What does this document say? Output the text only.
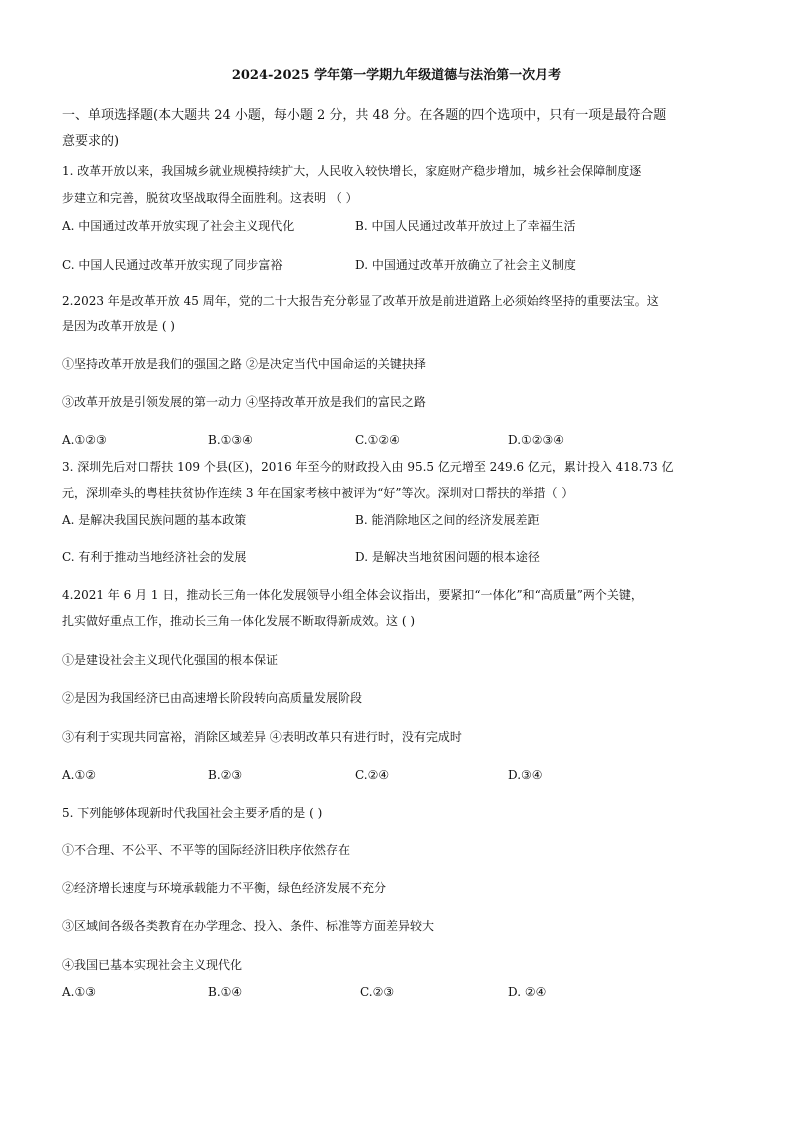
2024-2025 学年第一学期九年级道德与法治第一次月考
一、单项选择题(本大题共 24 小题，每小题 2 分，共 48 分。在各题的四个选项中，只有一项是最符合题
意要求的)
1. 改革开放以来，我国城乡就业规模持续扩大，人民收入较快增长，家庭财产稳步增加，城乡社会保障制度逐
步建立和完善，脱贫攻坚战取得全面胜利。这表明 （ ）
A. 中国通过改革开放实现了社会主义现代化	B. 中国人民通过改革开放过上了幸福生活
C. 中国人民通过改革开放实现了同步富裕	D. 中国通过改革开放确立了社会主义制度
2.2023 年是改革开放 45 周年，党的二十大报告充分彰显了改革开放是前进道路上必须始终坚持的重要法宝。这
是因为改革开放是 ( )
①坚持改革开放是我们的强国之路 ②是决定当代中国命运的关键抉择
③改革开放是引领发展的第一动力 ④坚持改革开放是我们的富民之路
A.①②③	B.①③④	C.①②④	D.①②③④
3. 深圳先后对口帮扶 109 个县(区)，2016 年至今的财政投入由 95.5 亿元增至 249.6 亿元，累计投入 418.73 亿
元，深圳牵头的粤桂扶贫协作连续 3 年在国家考核中被评为“好”等次。深圳对口帮扶的举措（ ）
A. 是解决我国民族问题的基本政策	B. 能消除地区之间的经济发展差距
C. 有利于推动当地经济社会的发展	D. 是解决当地贫困问题的根本途径
4.2021 年 6 月 1 日，推动长三角一体化发展领导小组全体会议指出，要紧扣“一体化”和“高质量”两个关键，
扎实做好重点工作，推动长三角一体化发展不断取得新成效。这 ( )
①是建设社会主义现代化强国的根本保证
②是因为我国经济已由高速增长阶段转向高质量发展阶段
③有利于实现共同富裕，消除区域差异 ④表明改革只有进行时，没有完成时
A.①②	B.②③	C.②④	D.③④
5. 下列能够体现新时代我国社会主要矛盾的是 ( )
①不合理、不公平、不平等的国际经济旧秩序依然存在
②经济增长速度与环境承载能力不平衡，绿色经济发展不充分
③区域间各级各类教育在办学理念、投入、条件、标准等方面差异较大
④我国已基本实现社会主义现代化
A.①③	B.①④	C.②③	D. ②④
